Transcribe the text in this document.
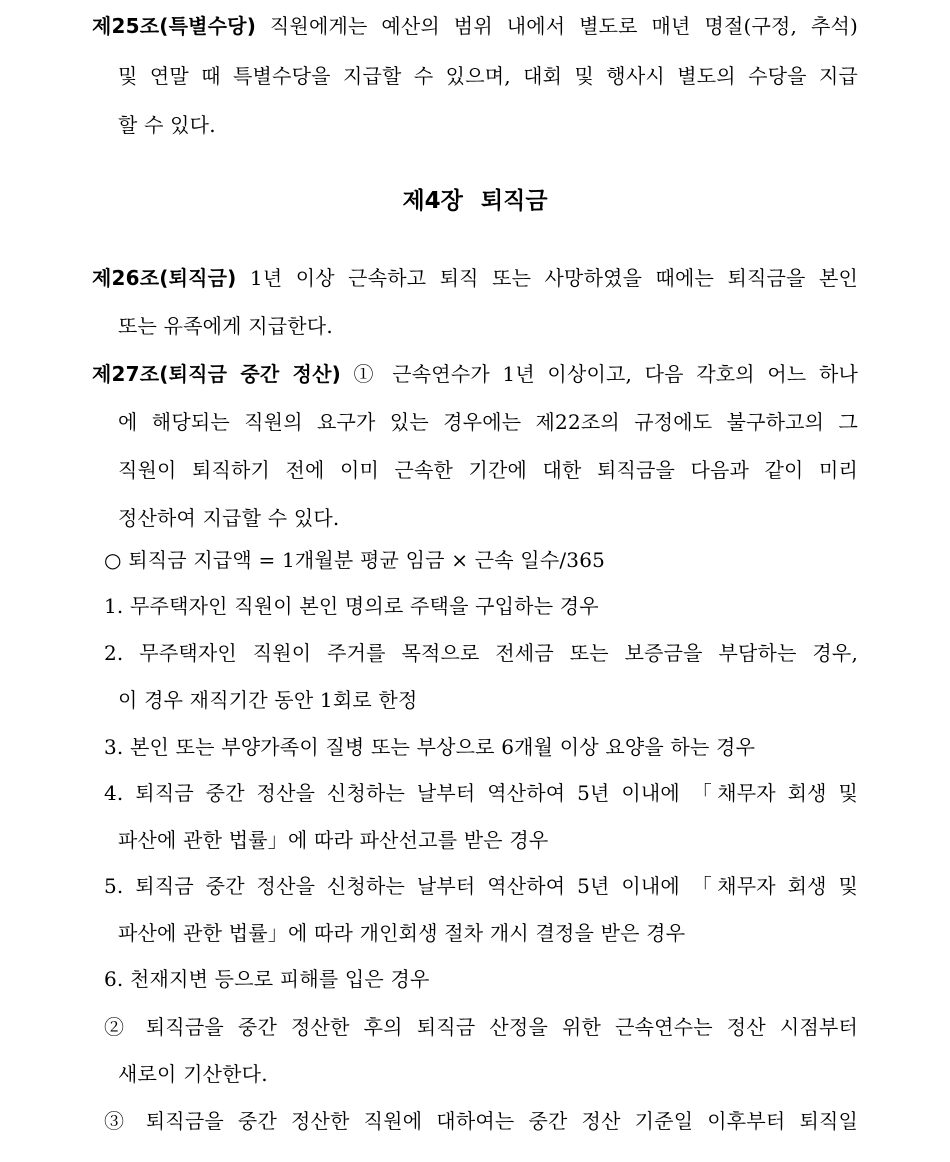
제25조(특별수당) 직원에게는 예산의 범위 내에서 별도로 매년 명절(구정, 추석)
및 연말 때 특별수당을 지급할 수 있으며, 대회 및 행사시 별도의 수당을 지급
할 수 있다.
제4장 퇴직금
제26조(퇴직금) 1년 이상 근속하고 퇴직 또는 사망하였을 때에는 퇴직금을 본인
또는 유족에게 지급한다.
제27조(퇴직금 중간 정산) ① 근속연수가 1년 이상이고, 다음 각호의 어느 하나
에 해당되는 직원의 요구가 있는 경우에는 제22조의 규정에도 불구하고의 그
직원이 퇴직하기 전에 이미 근속한 기간에 대한 퇴직금을 다음과 같이 미리
정산하여 지급할 수 있다.
○ 퇴직금 지급액 = 1개월분 평균 임금 × 근속 일수/365
1. 무주택자인 직원이 본인 명의로 주택을 구입하는 경우
2. 무주택자인 직원이 주거를 목적으로 전세금 또는 보증금을 부담하는 경우,
이 경우 재직기간 동안 1회로 한정
3. 본인 또는 부양가족이 질병 또는 부상으로 6개월 이상 요양을 하는 경우
4. 퇴직금 중간 정산을 신청하는 날부터 역산하여 5년 이내에 「채무자 회생 및
파산에 관한 법률」에 따라 파산선고를 받은 경우
5. 퇴직금 중간 정산을 신청하는 날부터 역산하여 5년 이내에 「채무자 회생 및
파산에 관한 법률」에 따라 개인회생 절차 개시 결정을 받은 경우
6. 천재지변 등으로 피해를 입은 경우
② 퇴직금을 중간 정산한 후의 퇴직금 산정을 위한 근속연수는 정산 시점부터
새로이 기산한다.
③ 퇴직금을 중간 정산한 직원에 대하여는 중간 정산 기준일 이후부터 퇴직일
